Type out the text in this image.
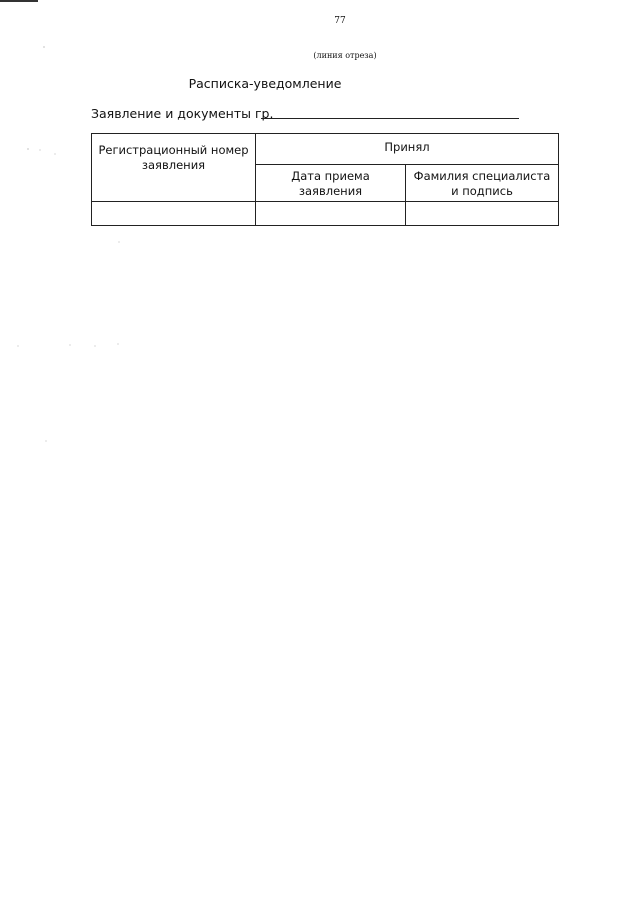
77
(линия отреза)
Расписка-уведомление
Заявление и документы гр.
Регистрационный номер заявления	Принял	
	Дата приема заявления	Фамилия специалиста и подпись
